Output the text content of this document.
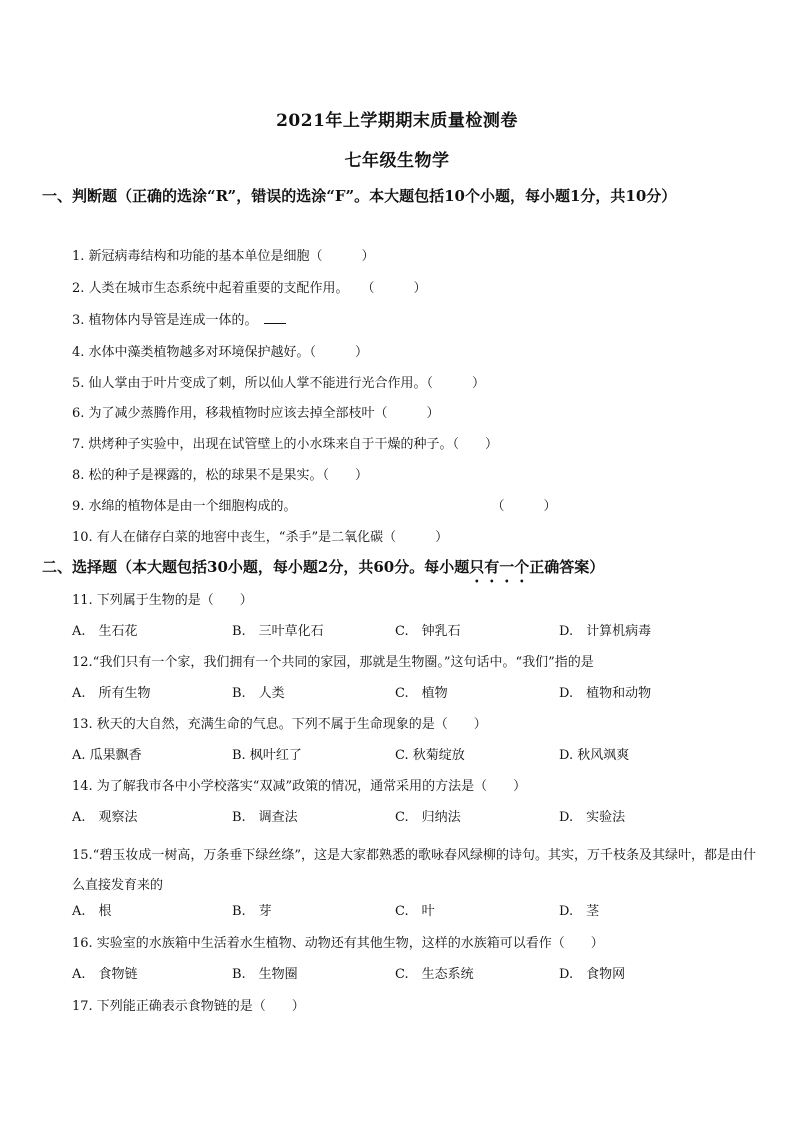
2021年上学期期末质量检测卷
七年级生物学
一、判断题（正确的选涂“R”，错误的选涂“F”。本大题包括10个小题，每小题1分，共10分）
1. 新冠病毒结构和功能的基本单位是细胞（　　　）
2. 人类在城市生态系统中起着重要的支配作用。　　（　　　）
3. 植物体内导管是连成一体的。
4. 水体中藻类植物越多对环境保护越好。（　　　）
5. 仙人掌由于叶片变成了刺，所以仙人掌不能进行光合作用。（　　　）
6. 为了减少蒸腾作用，移栽植物时应该去掉全部枝叶（　　　）
7. 烘烤种子实验中，出现在试管壁上的小水珠来自于干燥的种子。（　　）
8. 松的种子是裸露的，松的球果不是果实。（　　）
9. 水绵的植物体是由一个细胞构成的。　　　　　　　　　　　　　　　　（　　　）
10. 有人在储存白菜的地窖中丧生，“杀手”是二氧化碳（　　　）
二、选择题（本大题包括30小题，每小题2分，共60分。每小题只有一个正确答案）
11. 下列属于生物的是（　　）
A.　生石花	B.　三叶草化石	C.　钟乳石	D.　计算机病毒
12.“我们只有一个家，我们拥有一个共同的家园，那就是生物圈。”这句话中。“我们”指的是
A.　所有生物	B.　人类	C.　植物	D.　植物和动物
13. 秋天的大自然，充满生命的气息。下列不属于生命现象的是（　　）
A. 瓜果飘香	B. 枫叶红了	C. 秋菊绽放	D. 秋风飒爽
14. 为了解我市各中小学校落实“双减”政策的情况，通常采用的方法是（　　）
A.　观察法	B.　调查法	C.　归纳法	D.　实验法
15.“碧玉妆成一树高，万条垂下绿丝绦”，这是大家都熟悉的歌咏春风绿柳的诗句。其实，万千枝条及其绿叶，都是由什么直接发育来的
A.　根	B.　芽	C.　叶	D.　茎
16. 实验室的水族箱中生活着水生植物、动物还有其他生物，这样的水族箱可以看作（　　）
A.　食物链	B.　生物圈	C.　生态系统	D.　食物网
17. 下列能正确表示食物链的是（　　）
